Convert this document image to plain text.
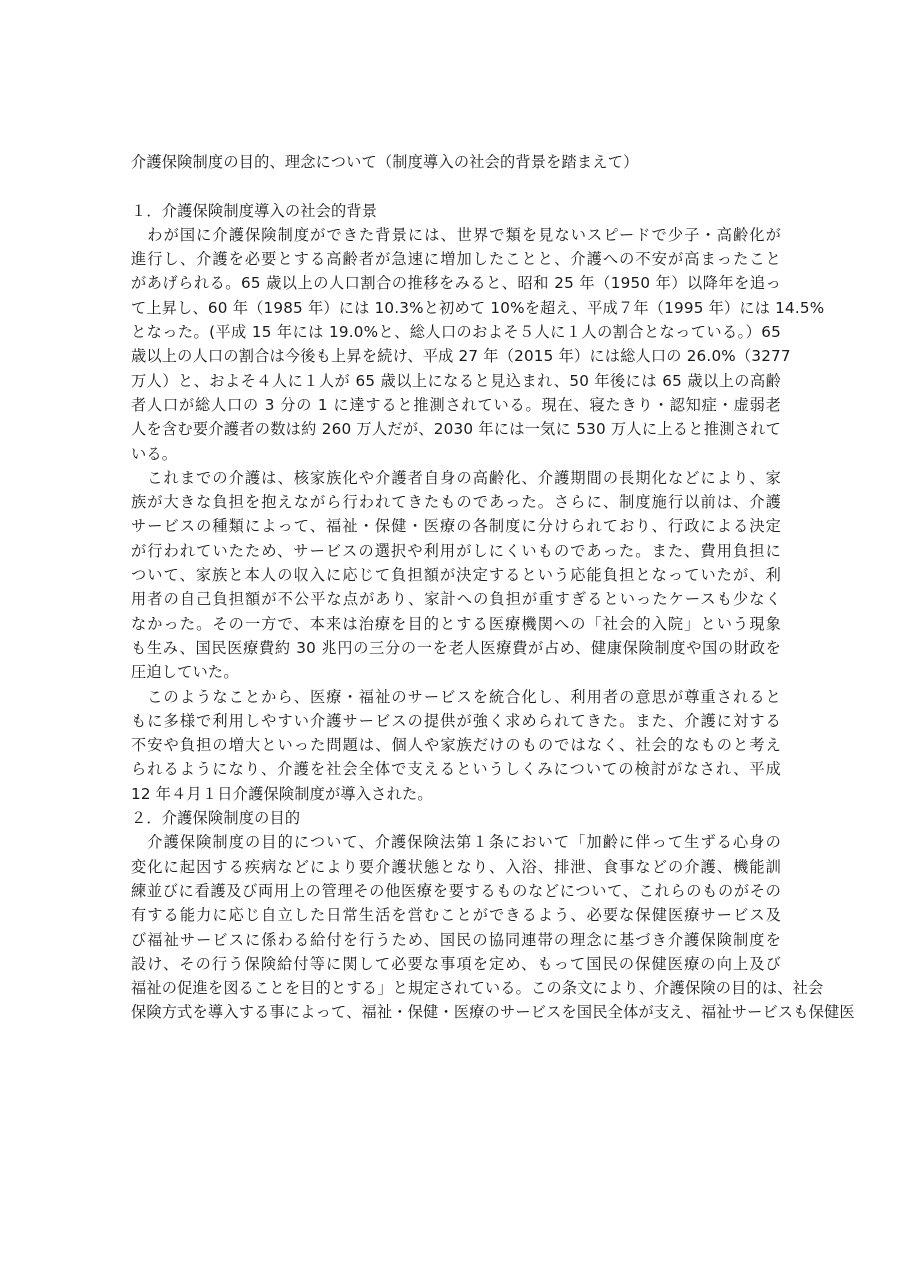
介護保険制度の目的、理念について（制度導入の社会的背景を踏まえて）
１．介護保険制度導入の社会的背景
　わが国に介護保険制度ができた背景には、世界で類を見ないスピードで少子・高齢化が
進行し、介護を必要とする高齢者が急速に増加したことと、介護への不安が高まったこと
があげられる。65 歳以上の人口割合の推移をみると、昭和 25 年（1950 年）以降年を追っ
て上昇し、60 年（1985 年）には 10.3%と初めて 10%を超え、平成７年（1995 年）には 14.5%
となった。(平成 15 年には 19.0%と、総人口のおよそ５人に１人の割合となっている。）65
歳以上の人口の割合は今後も上昇を続け、平成 27 年（2015 年）には総人口の 26.0%（3277
万人）と、およそ４人に１人が 65 歳以上になると見込まれ、50 年後には 65 歳以上の高齢
者人口が総人口の 3 分の 1 に達すると推測されている。現在、寝たきり・認知症・虚弱老
人を含む要介護者の数は約 260 万人だが、2030 年には一気に 530 万人に上ると推測されて
いる。
　これまでの介護は、核家族化や介護者自身の高齢化、介護期間の長期化などにより、家
族が大きな負担を抱えながら行われてきたものであった。さらに、制度施行以前は、介護
サービスの種類によって、福祉・保健・医療の各制度に分けられており、行政による決定
が行われていたため、サービスの選択や利用がしにくいものであった。また、費用負担に
ついて、家族と本人の収入に応じて負担額が決定するという応能負担となっていたが、利
用者の自己負担額が不公平な点があり、家計への負担が重すぎるといったケースも少なく
なかった。その一方で、本来は治療を目的とする医療機関への「社会的入院」という現象
も生み、国民医療費約 30 兆円の三分の一を老人医療費が占め、健康保険制度や国の財政を
圧迫していた。
　このようなことから、医療・福祉のサービスを統合化し、利用者の意思が尊重されると
もに多様で利用しやすい介護サービスの提供が強く求められてきた。また、介護に対する
不安や負担の増大といった問題は、個人や家族だけのものではなく、社会的なものと考え
られるようになり、介護を社会全体で支えるというしくみについての検討がなされ、平成
12 年４月１日介護保険制度が導入された。
２．介護保険制度の目的
　介護保険制度の目的について、介護保険法第１条において「加齢に伴って生ずる心身の
変化に起因する疾病などにより要介護状態となり、入浴、排泄、食事などの介護、機能訓
練並びに看護及び両用上の管理その他医療を要するものなどについて、これらのものがその
有する能力に応じ自立した日常生活を営むことができるよう、必要な保健医療サービス及
び福祉サービスに係わる給付を行うため、国民の協同連帯の理念に基づき介護保険制度を
設け、その行う保険給付等に関して必要な事項を定め、もって国民の保健医療の向上及び
福祉の促進を図ることを目的とする」と規定されている。この条文により、介護保険の目的は、社会
保険方式を導入する事によって、福祉・保健・医療のサービスを国民全体が支え、福祉サービスも保健医
